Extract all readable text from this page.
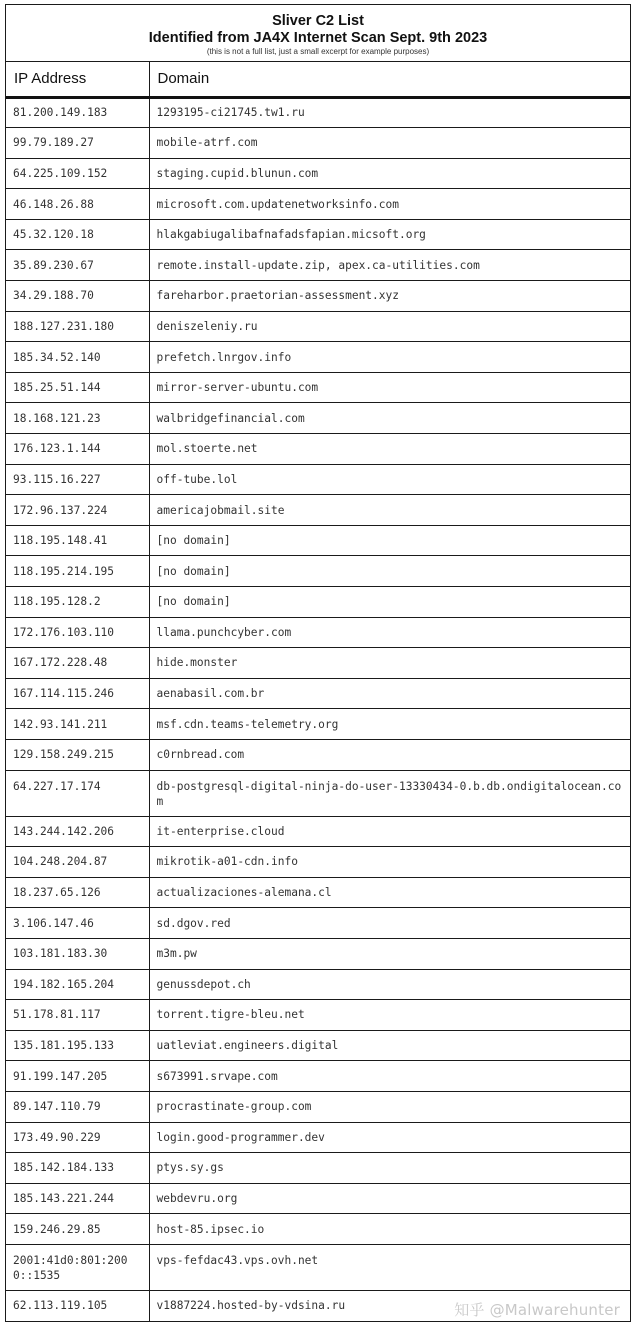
Sliver C2 List
Identified from JA4X Internet Scan Sept. 9th 2023
(this is not a full list, just a small excerpt for example purposes)
IP Address	Domain
81.200.149.183	1293195-ci21745.tw1.ru
99.79.189.27	mobile-atrf.com
64.225.109.152	staging.cupid.blunun.com
46.148.26.88	microsoft.com.updatenetworksinfo.com
45.32.120.18	hlakgabiugalibafnafadsfapian.micsoft.org
35.89.230.67	remote.install-update.zip, apex.ca-utilities.com
34.29.188.70	fareharbor.praetorian-assessment.xyz
188.127.231.180	deniszeleniy.ru
185.34.52.140	prefetch.lnrgov.info
185.25.51.144	mirror-server-ubuntu.com
18.168.121.23	walbridgefinancial.com
176.123.1.144	mol.stoerte.net
93.115.16.227	off-tube.lol
172.96.137.224	americajobmail.site
118.195.148.41	[no domain]
118.195.214.195	[no domain]
118.195.128.2	[no domain]
172.176.103.110	llama.punchcyber.com
167.172.228.48	hide.monster
167.114.115.246	aenabasil.com.br
142.93.141.211	msf.cdn.teams-telemetry.org
129.158.249.215	c0rnbread.com
64.227.17.174	db-postgresql-digital-ninja-do-user-13330434-0.b.db.ondigitalocean.com
143.244.142.206	it-enterprise.cloud
104.248.204.87	mikrotik-a01-cdn.info
18.237.65.126	actualizaciones-alemana.cl
3.106.147.46	sd.dgov.red
103.181.183.30	m3m.pw
194.182.165.204	genussdepot.ch
51.178.81.117	torrent.tigre-bleu.net
135.181.195.133	uatleviat.engineers.digital
91.199.147.205	s673991.srvape.com
89.147.110.79	procrastinate-group.com
173.49.90.229	login.good-programmer.dev
185.142.184.133	ptys.sy.gs
185.143.221.244	webdevru.org
159.246.29.85	host-85.ipsec.io
2001:41d0:801:2000::1535	vps-fefdac43.vps.ovh.net
62.113.119.105	v1887224.hosted-by-vdsina.ru	知乎 @Malwarehunter
